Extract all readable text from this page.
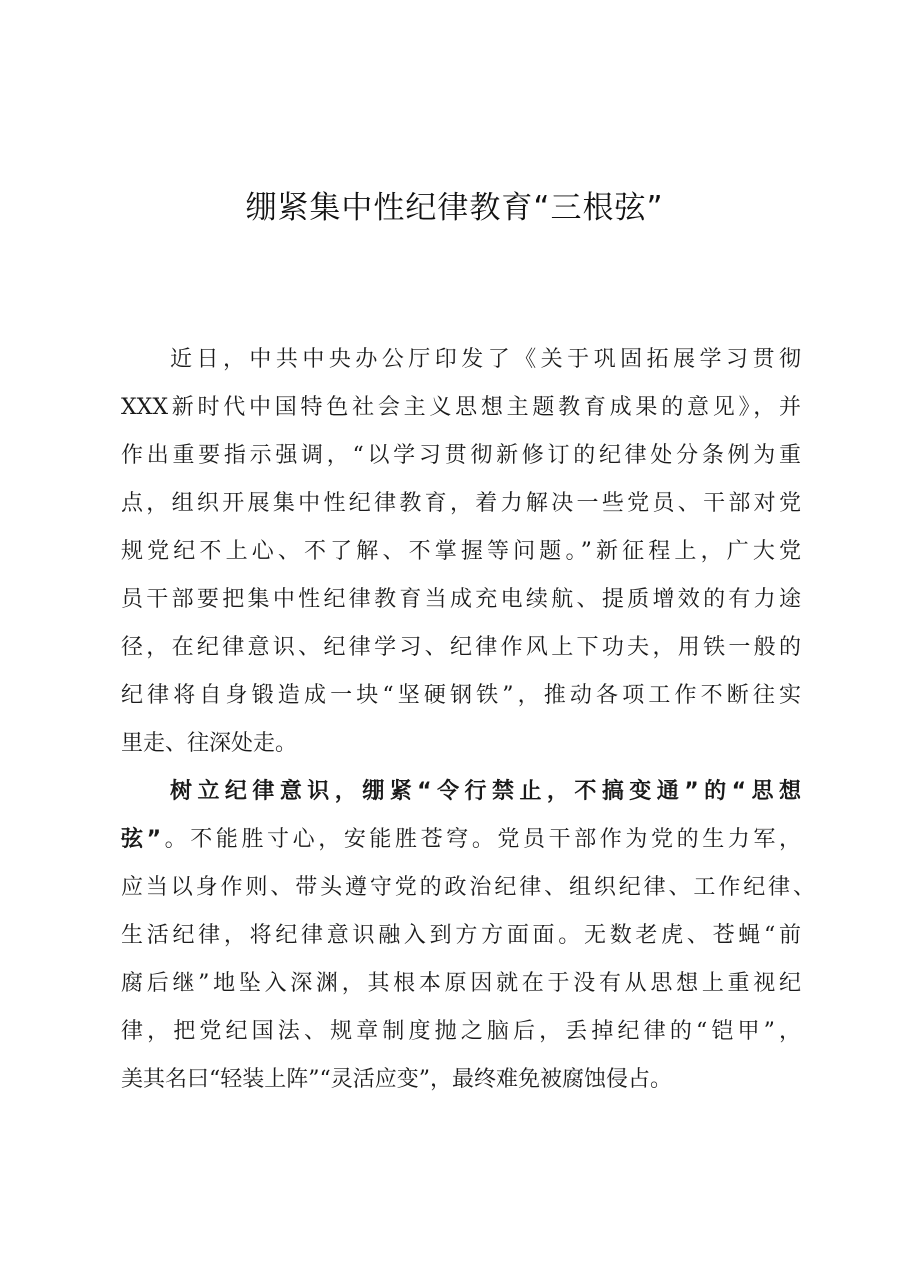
绷紧集中性纪律教育“三根弦”
近日，中共中央办公厅印发了《关于巩固拓展学习贯彻
XXX新时代中国特色社会主义思想主题教育成果的意见》，并
作出重要指示强调，“以学习贯彻新修订的纪律处分条例为重
点，组织开展集中性纪律教育，着力解决一些党员、干部对党
规党纪不上心、不了解、不掌握等问题。”新征程上，广大党
员干部要把集中性纪律教育当成充电续航、提质增效的有力途
径，在纪律意识、纪律学习、纪律作风上下功夫，用铁一般的
纪律将自身锻造成一块“坚硬钢铁”，推动各项工作不断往实
里走、往深处走。
树立纪律意识，绷紧“令行禁止，不搞变通”的“思想
弦”。不能胜寸心，安能胜苍穹。党员干部作为党的生力军，
应当以身作则、带头遵守党的政治纪律、组织纪律、工作纪律、
生活纪律，将纪律意识融入到方方面面。无数老虎、苍蝇“前
腐后继”地坠入深渊，其根本原因就在于没有从思想上重视纪
律，把党纪国法、规章制度抛之脑后，丢掉纪律的“铠甲”，
美其名曰“轻装上阵”“灵活应变”，最终难免被腐蚀侵占。
